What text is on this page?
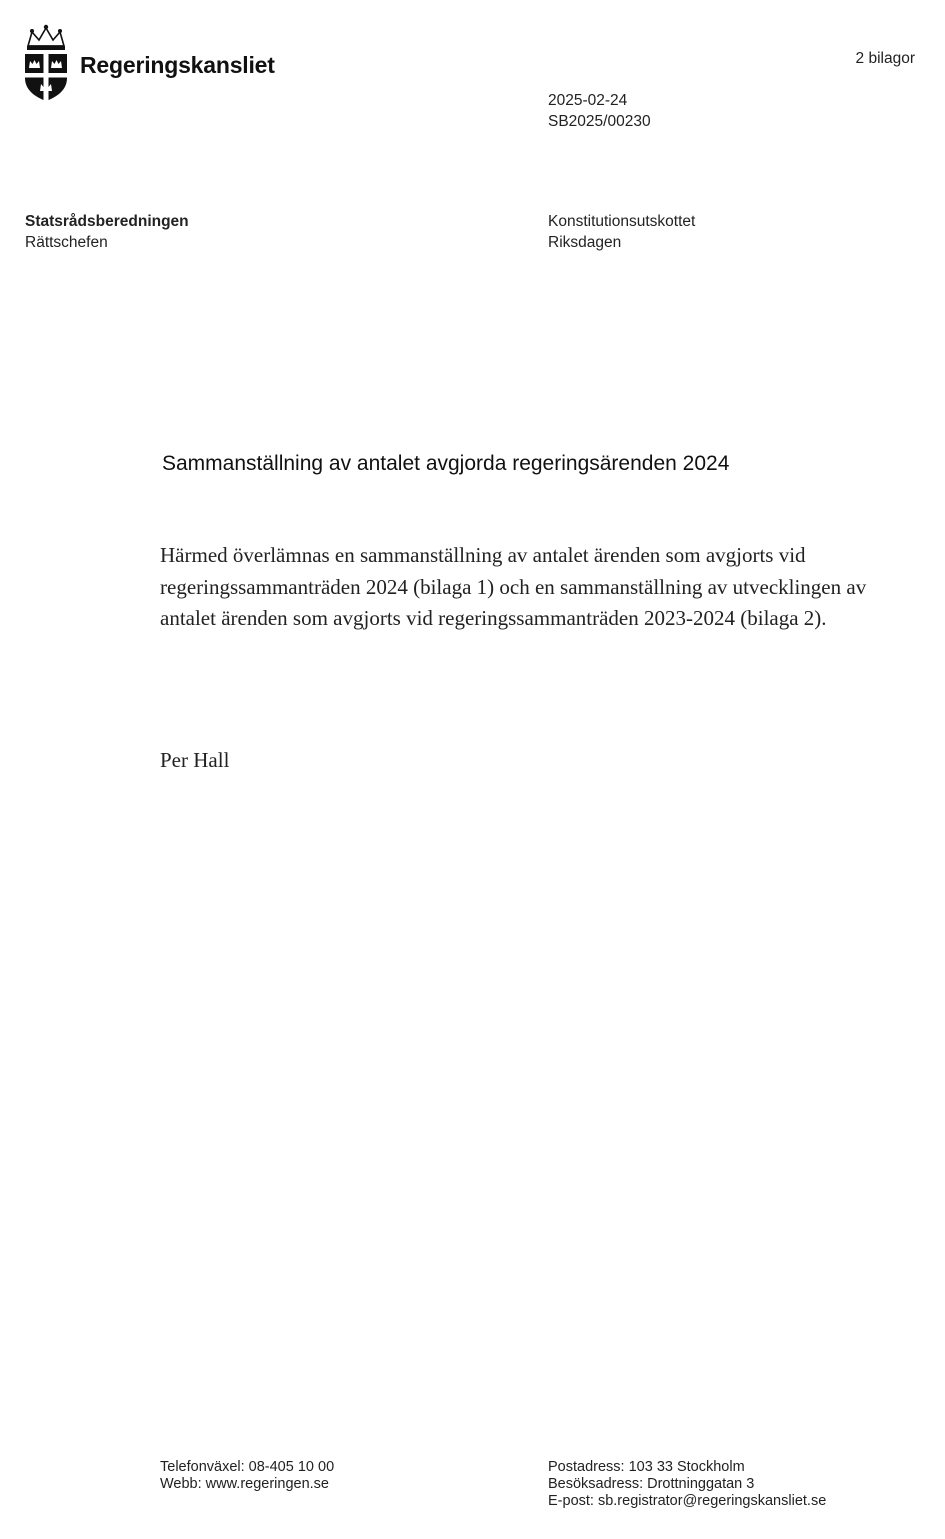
Regeringskansliet	2 bilagor
2025-02-24
SB2025/00230
Statsrådsberedningen
Rättschefen
Konstitutionsutskottet
Riksdagen
Sammanställning av antalet avgjorda regeringsärenden 2024
Härmed överlämnas en sammanställning av antalet ärenden som avgjorts vid regeringssammanträden 2024 (bilaga 1) och en sammanställning av utvecklingen av antalet ärenden som avgjorts vid regeringssammanträden 2023-2024 (bilaga 2).
Per Hall
Telefonväxel: 08-405 10 00
Webb: www.regeringen.se
Postadress: 103 33 Stockholm
Besöksadress: Drottninggatan 3
E-post: sb.registrator@regeringskansliet.se
